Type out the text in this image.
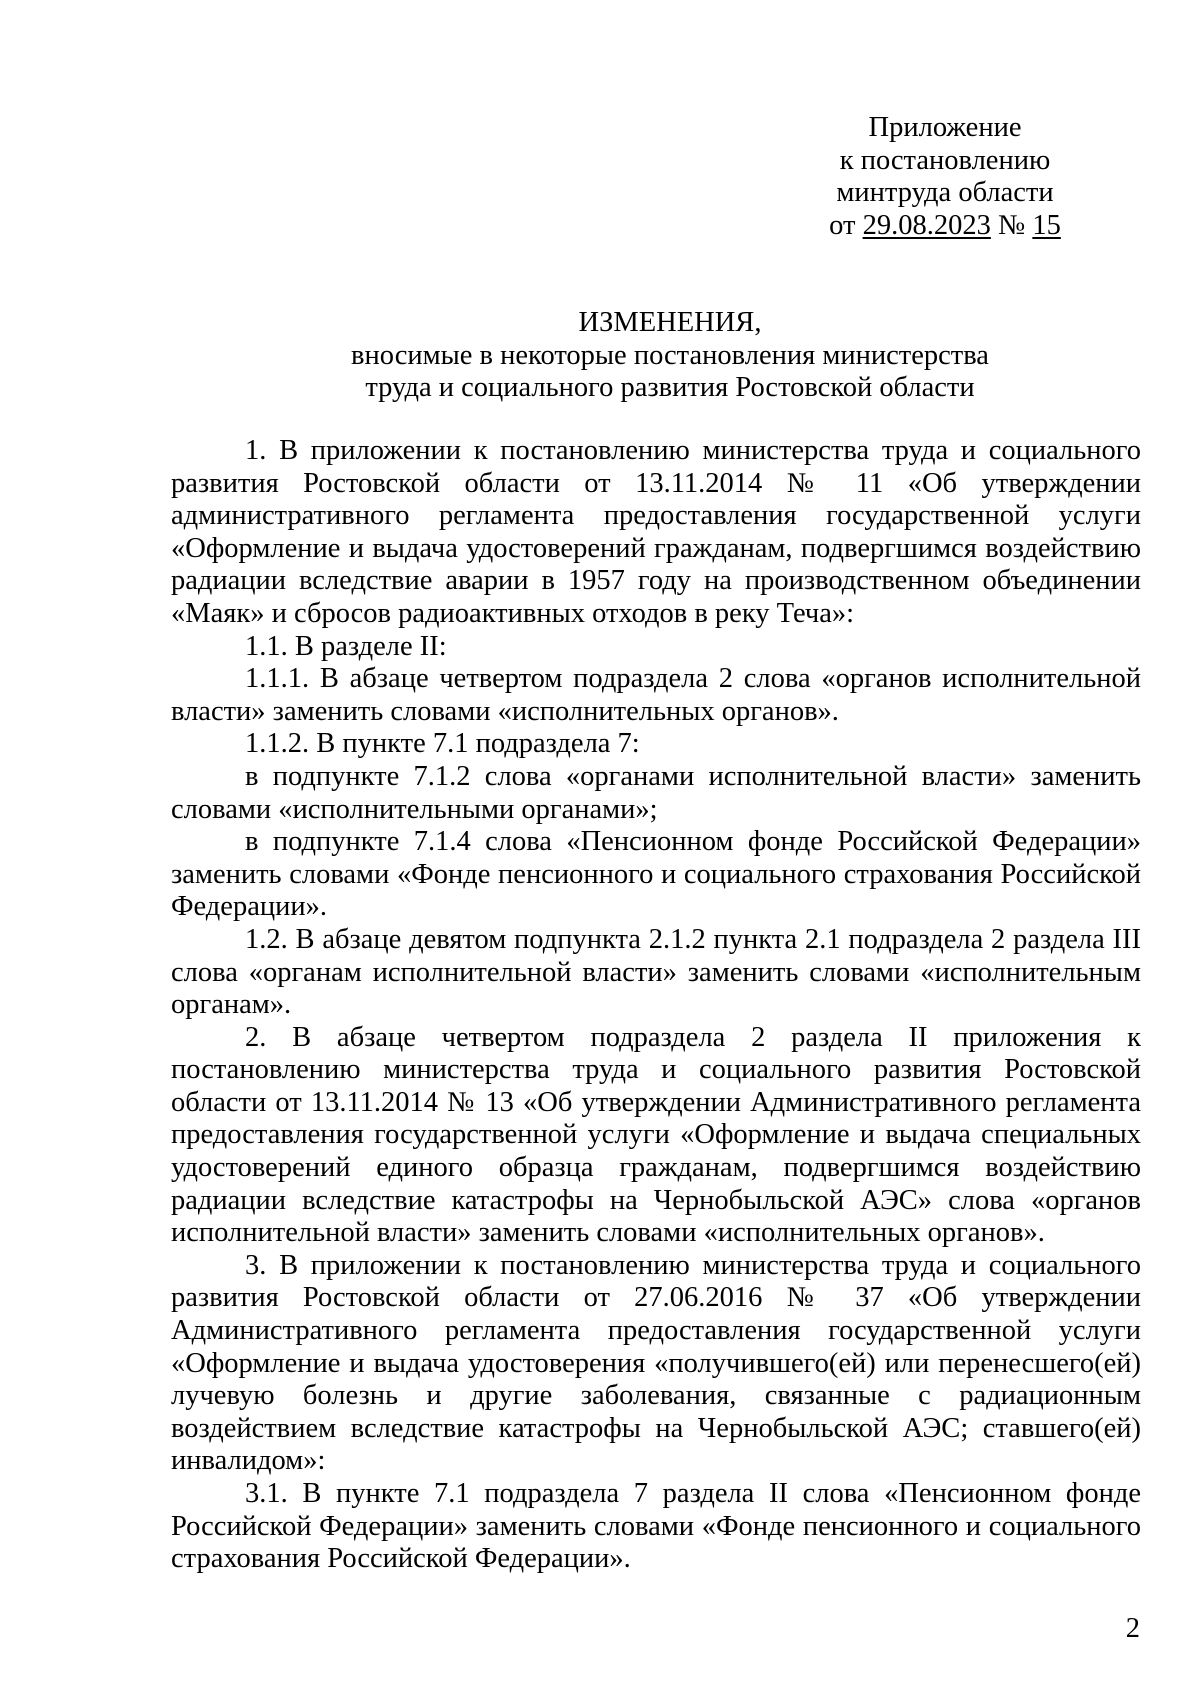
Приложение
к постановлению
минтруда области
от 29.08.2023 № 15
ИЗМЕНЕНИЯ,
вносимые в некоторые постановления министерства
труда и социального развития Ростовской области

1. В приложении к постановлению министерства труда и социального развития Ростовской области от 13.11.2014 № 11 «Об утверждении административного регламента предоставления государственной услуги «Оформление и выдача удостоверений гражданам, подвергшимся воздействию радиации вследствие аварии в 1957 году на производственном объединении «Маяк» и сбросов радиоактивных отходов в реку Теча»:

1.1. В разделе II:

1.1.1. В абзаце четвертом подраздела 2 слова «органов исполнительной власти» заменить словами «исполнительных органов».

1.1.2. В пункте 7.1 подраздела 7:

в подпункте 7.1.2 слова «органами исполнительной власти» заменить словами «исполнительными органами»;

в подпункте 7.1.4 слова «Пенсионном фонде Российской Федерации» заменить словами «Фонде пенсионного и социального страхования Российской Федерации».

1.2. В абзаце девятом подпункта 2.1.2 пункта 2.1 подраздела 2 раздела III слова «органам исполнительной власти» заменить словами «исполнительным органам».

2. В абзаце четвертом подраздела 2 раздела II приложения к постановлению министерства труда и социального развития Ростовской области от 13.11.2014 № 13 «Об утверждении Административного регламента предоставления государственной услуги «Оформление и выдача специальных удостоверений единого образца гражданам, подвергшимся воздействию радиации вследствие катастрофы на Чернобыльской АЭС» слова «органов исполнительной власти» заменить словами «исполнительных органов».

3. В приложении к постановлению министерства труда и социального развития Ростовской области от 27.06.2016 № 37 «Об утверждении Административного регламента предоставления государственной услуги «Оформление и выдача удостоверения «получившего(ей) или перенесшего(ей) лучевую болезнь и другие заболевания, связанные с радиационным воздействием вследствие катастрофы на Чернобыльской АЭС; ставшего(ей) инвалидом»:

3.1. В пункте 7.1 подраздела 7 раздела II слова «Пенсионном фонде Российской Федерации» заменить словами «Фонде пенсионного и социального страхования Российской Федерации».

2
